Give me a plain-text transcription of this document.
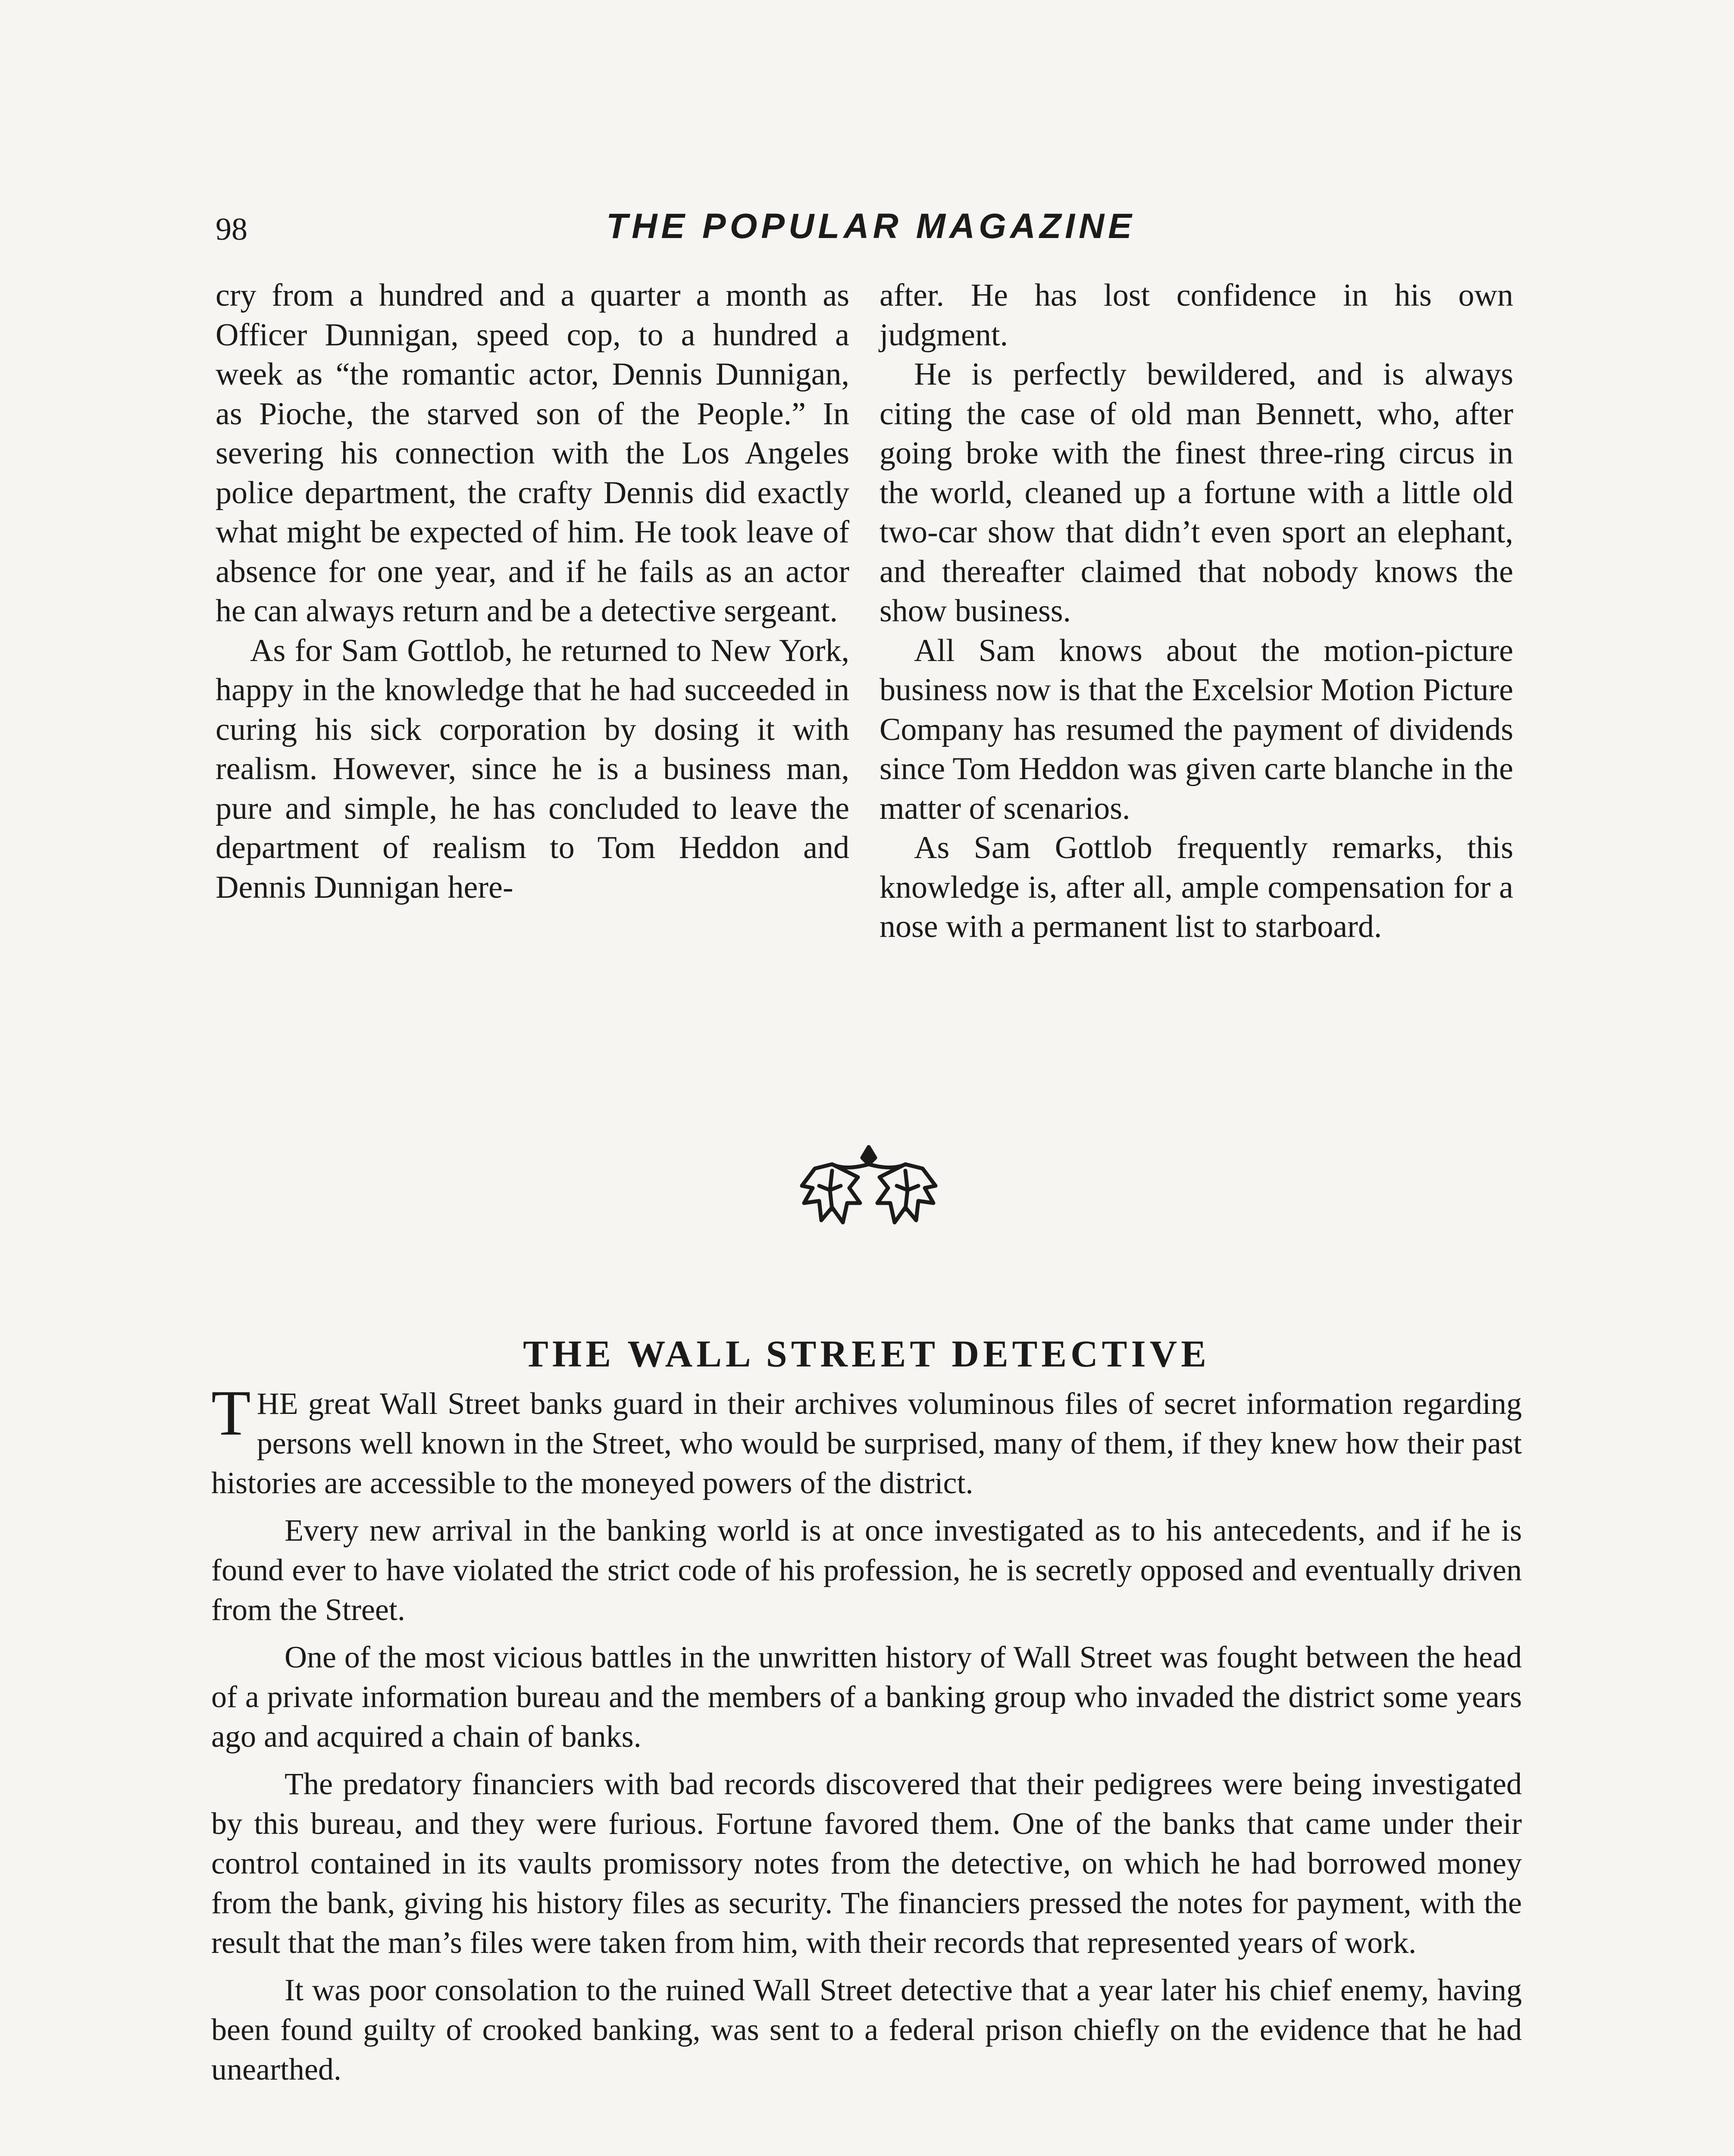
98	THE POPULAR MAGAZINE

cry from a hundred and a quarter a month as Officer Dunnigan, speed cop, to a hundred a week as “the romantic actor, Dennis Dunnigan, as Pioche, the starved son of the People.” In severing his connection with the Los Angeles police department, the crafty Dennis did exactly what might be expected of him. He took leave of absence for one year, and if he fails as an actor he can always return and be a detective sergeant.

As for Sam Gottlob, he returned to New York, happy in the knowledge that he had succeeded in curing his sick corporation by dosing it with realism. However, since he is a business man, pure and simple, he has concluded to leave the department of realism to Tom Heddon and Dennis Dunnigan here-

after. He has lost confidence in his own judgment.

He is perfectly bewildered, and is always citing the case of old man Bennett, who, after going broke with the finest three-ring circus in the world, cleaned up a fortune with a little old two-car show that didn’t even sport an elephant, and thereafter claimed that nobody knows the show business.

All Sam knows about the motion-picture business now is that the Excelsior Motion Picture Company has resumed the payment of dividends since Tom Heddon was given carte blanche in the matter of scenarios.

As Sam Gottlob frequently remarks, this knowledge is, after all, ample compensation for a nose with a permanent list to starboard.

THE WALL STREET DETECTIVE

THE great Wall Street banks guard in their archives voluminous files of secret information regarding persons well known in the Street, who would be surprised, many of them, if they knew how their past histories are accessible to the moneyed powers of the district.

Every new arrival in the banking world is at once investigated as to his antecedents, and if he is found ever to have violated the strict code of his profession, he is secretly opposed and eventually driven from the Street.

One of the most vicious battles in the unwritten history of Wall Street was fought between the head of a private information bureau and the members of a banking group who invaded the district some years ago and acquired a chain of banks.

The predatory financiers with bad records discovered that their pedigrees were being investigated by this bureau, and they were furious. Fortune favored them. One of the banks that came under their control contained in its vaults promissory notes from the detective, on which he had borrowed money from the bank, giving his history files as security. The financiers pressed the notes for payment, with the result that the man’s files were taken from him, with their records that represented years of work.

It was poor consolation to the ruined Wall Street detective that a year later his chief enemy, having been found guilty of crooked banking, was sent to a federal prison chiefly on the evidence that he had unearthed.
